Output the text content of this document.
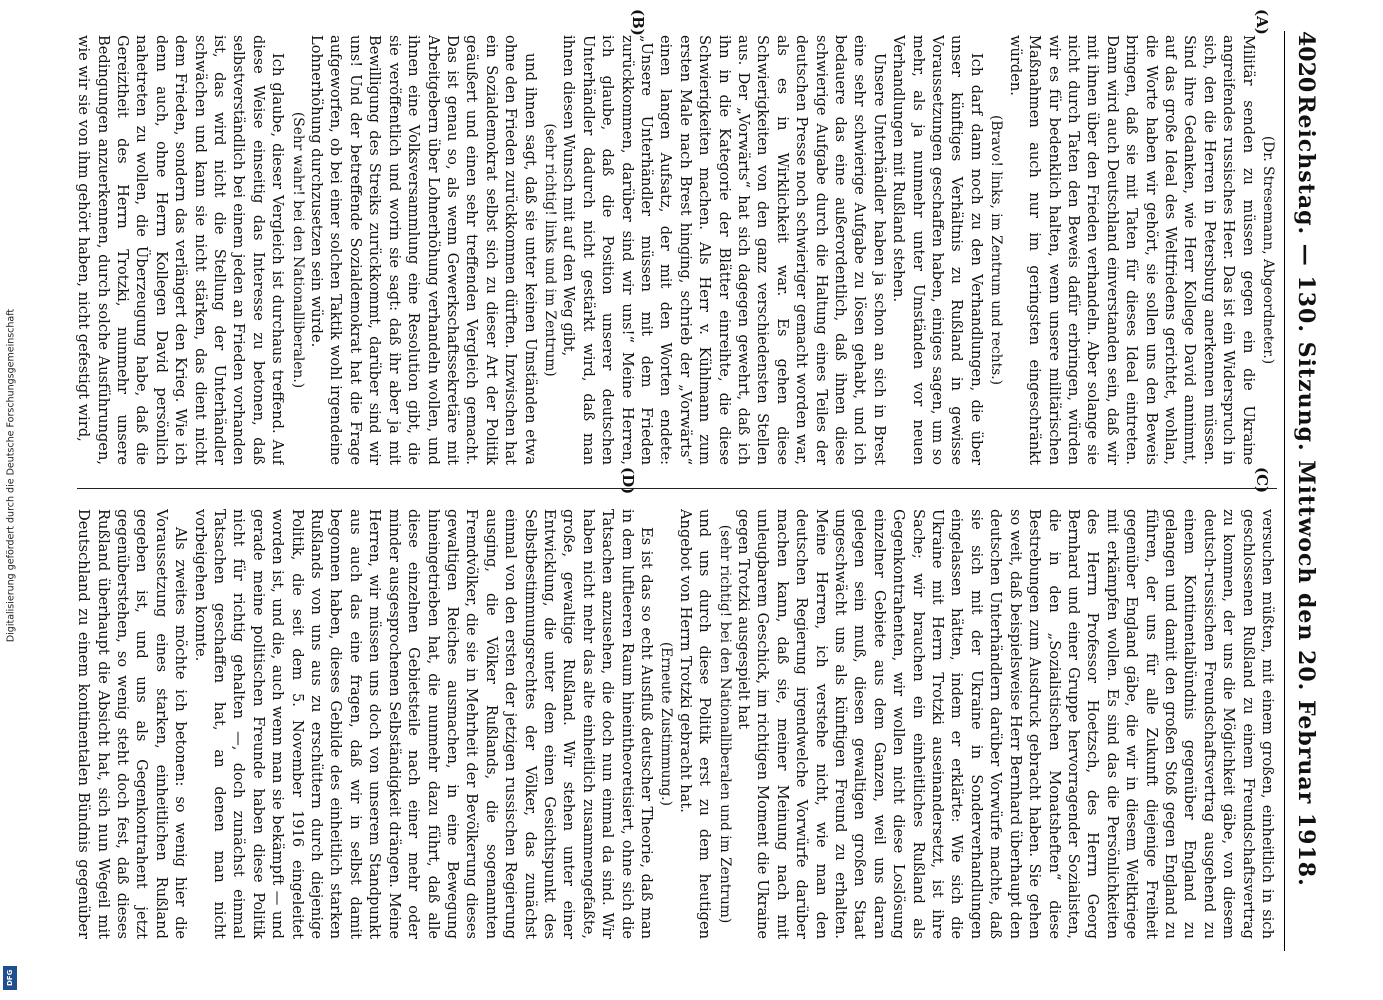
Digitalisierung gefördert durch die Deutsche Forschungsgemeinschaft
DFG
4020
Reichstag. — 130. Sitzung. Mittwoch den 20. Februar 1918.
(A)
(B)
(C)
(D)

(Dr. Stresemann, Abgeordneter.)

Militär senden zu müssen gegen ein die Ukraine angreifendes russisches Heer. Das ist ein Widerspruch in sich, den die Herren in Petersburg anerkennen müssen. Sind ihre Gedanken, wie Herr Kollege David annimmt, auf das große Ideal des Weltfriedens gerichtet, wohlan, die Worte haben wir gehört, sie sollen uns den Beweis bringen, daß sie mit Taten für dieses Ideal eintreten. Dann wird auch Deutschland einverstanden sein, daß wir mit ihnen über den Frieden verhandeln. Aber solange sie nicht durch Taten den Beweis dafür erbringen, würden wir es für bedenklich halten, wenn unsere militärischen Maßnahmen auch nur im geringsten eingeschränkt würden.

(Bravo! links, im Zentrum und rechts.)

Ich darf dann noch zu den Verhandlungen, die über unser künftiges Verhältnis zu Rußland in gewisse Voraussetzungen geschaffen haben, einiges sagen, um so mehr, als ja nunmehr unter Umständen vor neuen Verhandlungen mit Rußland stehen.

Unsere Unterhändler haben ja schon an sich in Brest eine sehr schwierige Aufgabe zu lösen gehabt, und ich bedauere das eine außerordentlich, daß ihnen diese schwierige Aufgabe durch die Haltung eines Teiles der deutschen Presse noch schwieriger gemacht worden war, als es in Wirklichkeit war. Es gehen diese Schwierigkeiten von den ganz verschiedensten Stellen aus. Der „Vorwärts“ hat sich dagegen gewehrt, daß ich ihn in die Kategorie der Blätter einreihte, die diese Schwierigkeiten machen. Als Herr v. Kühlmann zum ersten Male nach Brest hinging, schrieb der „Vorwärts“ einen langen Aufsatz, der mit den Worten endete: „Unsere Unterhändler müssen mit dem Frieden zurückkommen, darüber sind wir uns!“ Meine Herren, ich glaube, daß die Position unserer deutschen Unterhändler dadurch nicht gestärkt wird, daß man ihnen diesen Wunsch mit auf den Weg gibt,

(sehr richtig! links und im Zentrum)

und ihnen sagt, daß sie unter keinen Umständen etwa ohne den Frieden zurückkommen dürften. Inzwischen hat ein Sozialdemokrat selbst sich zu dieser Art der Politik geäußert und einen sehr treffenden Vergleich gemacht. Das ist genau so, als wenn Gewerkschaftssekretäre mit Arbeitgebern über Lohnerhöhung verhandeln wollen, und ihnen eine Volksversammlung eine Resolution gibt, die sie veröffentlich und worin sie sagt: daß ihr aber ja mit Bewilligung des Streiks zurückkommt, darüber sind wir uns! Und der betreffende Sozialdemokrat hat die Frage aufgeworfen, ob bei einer solchen Taktik wohl irgendeine Lohnerhöhung durchzusetzen sein würde.

(Sehr wahr! bei den Nationalliberalen.)

Ich glaube, dieser Vergleich ist durchaus treffend. Auf diese Weise einseitig das Interesse zu betonen, daß selbstverständlich bei einem jeden an Frieden vorhanden ist, das wird nicht die Stellung der Unterhändler schwächen und kann sie nicht stärken, das dient nicht dem Frieden, sondern das verlängert den Krieg. Wie ich denn auch, ohne Herrn Kollegen David persönlich nahetreten zu wollen, die Überzeugung habe, daß die Gereiztheit des Herrn Trotzki, nunmehr unsere Bedingungen anzuerkennen, durch solche Ausführungen, wie wir sie von ihm gehört haben, nicht gefestigt wird,

versuchen müßten, mit einem großen, einheitlich in sich geschlossenen Rußland zu einem Freundschaftsvertrag zu kommen, der uns die Möglichkeit gäbe, von diesem deutsch-russischen Freundschaftsvertrag ausgehend zu einem Kontinentalbündnis gegenüber England zu gelangen und damit den großen Stoß gegen England zu führen, der uns für alle Zukunft diejenige Freiheit gegenüber England gäbe, die wir in diesem Weltkriege mit erkämpfen wollen. Es sind das die Persönlichkeiten des Herrn Professor Hoetzsch, des Herrn Georg Bernhard und einer Gruppe hervorragender Sozialisten, die in den „Sozialistischen Monatsheften“ diese Bestrebungen zum Ausdruck gebracht haben. Sie gehen so weit, daß beispielsweise Herr Bernhard überhaupt den deutschen Unterhändlern darüber Vorwürfe machte, daß sie sich mit der Ukraine in Sonderverhandlungen eingelassen hätten, indem er erklärte: Wie sich die Ukraine mit Herrn Trotzki auseinandersetzt, ist ihre Sache; wir brauchen ein einheitliches Rußland als Gegenkontrahenten, wir wollen nicht diese Loslösung einzelner Gebiete aus dem Ganzen, weil uns daran gelegen sein muß, diesen gewaltigen großen Staat ungeschwächt uns als künftigen Freund zu erhalten. Meine Herren, ich verstehe nicht, wie man den deutschen Regierung irgendwelche Vorwürfe darüber machen kann, daß sie, meiner Meinung nach mit unleugbarem Geschick, im richtigen Moment die Ukraine gegen Trotzki ausgespielt hat

(sehr richtig! bei den Nationalliberalen und im Zentrum)

und uns durch diese Politik erst zu dem heutigen Angebot von Herrn Trotzki gebracht hat.

(Erneute Zustimmung.)

Es ist das so echt Ausfluß deutscher Theorie, daß man in dem luftleeren Raum hineintheoretisiert, ohne sich die Tatsachen anzusehen, die doch nun einmal da sind. Wir haben nicht mehr das alte einheitlich zusammengefaßte, große, gewaltige Rußland. Wir stehen unter einer Entwicklung, die unter dem einen Gesichtspunkt des Selbstbestimmungsrechtes der Völker, das zunächst einmal von den ersten der jetzigen russischen Regierung ausging, die Völker Rußlands, die sogenannten Fremdvölker, die sie in Mehrheit der Bevölkerung dieses gewaltigen Reiches ausmachen, in eine Bewegung hineingetrieben hat, die nunmehr dazu führt, daß alle diese einzelnen Gebietsteile nach einer mehr oder minder ausgesprochenen Selbständigkeit drängen. Meine Herren, wir müssen uns doch von unserem Standpunkt aus auch das eine fragen, daß wir in selbst damit begonnen haben, dieses Gebilde des einheitlich starken Rußlands von uns aus zu erschüttern durch diejenige Politik, die seit dem 5. November 1916 eingeleitet worden ist, und die, auch wenn man sie bekämpft — und gerade meine politischen Freunde haben diese Politik nicht für richtig gehalten —, doch zunächst einmal Tatsachen geschaffen hat, an denen man nicht vorbeigehen konnte.

Als zweites möchte ich betonen: so wenig hier die Voraussetzung eines starken, einheitlichen Rußland gegeben ist, und uns als Gegenkontrahent jetzt gegenüberstehen, so wenig steht doch fest, daß dieses Rußland überhaupt die Absicht hat, sich nun Wegeil mit Deutschland zu einem kontinentalen Bündnis gegenüber
